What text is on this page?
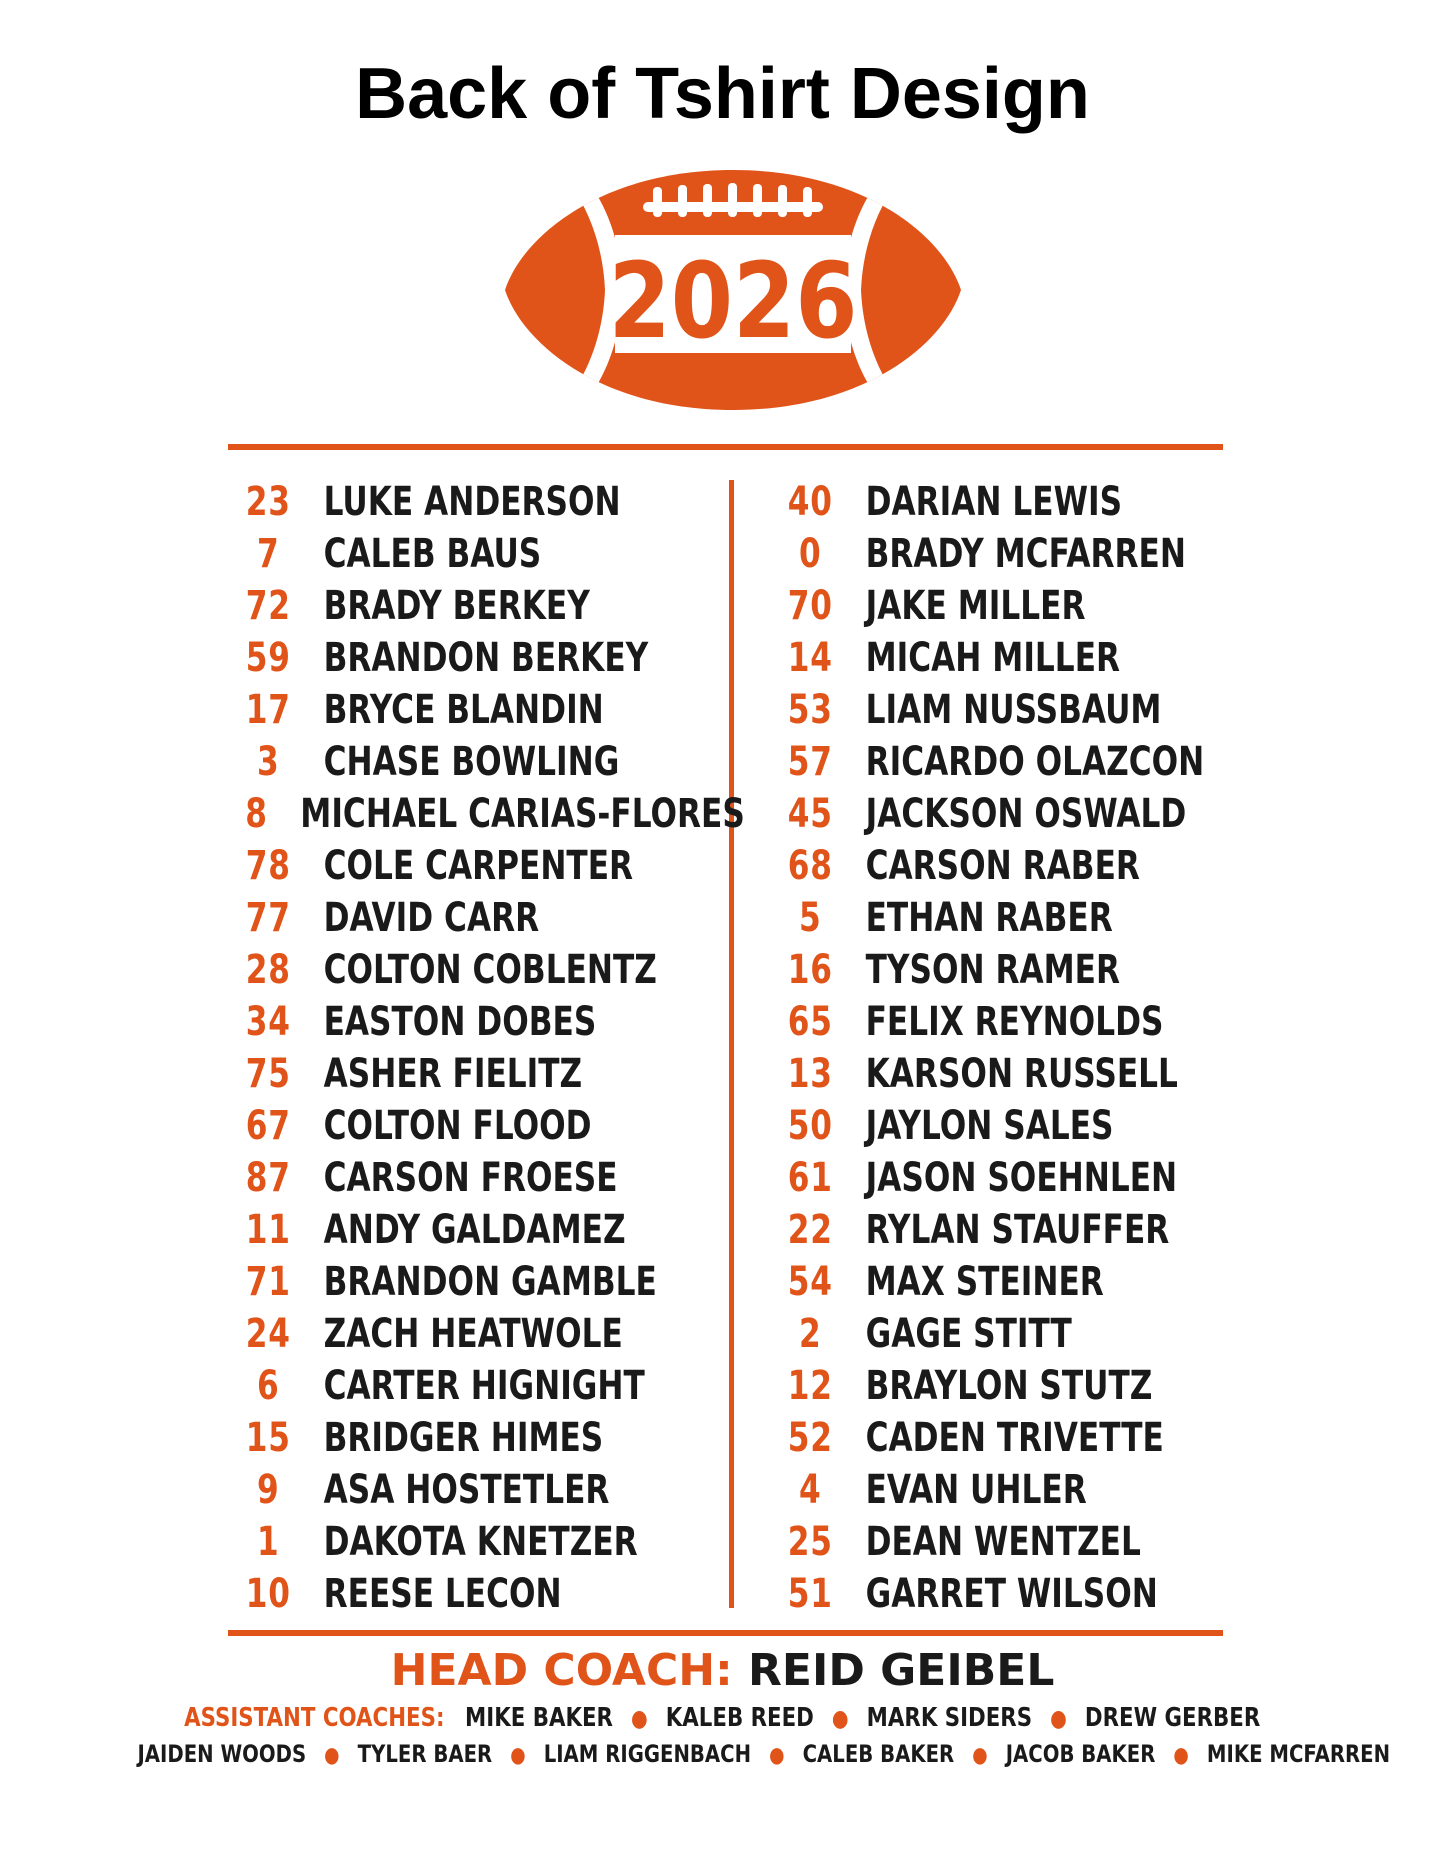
Back of Tshirt Design
2026
23 LUKE ANDERSON
7	CALEB BAUS
72 BRADY BERKEY
59 BRANDON BERKEY
17 BRYCE BLANDIN
3	CHASE BOWLING
8 MICHAEL CARIAS-FLORES
78 COLE CARPENTER
77 DAVID CARR
28 COLTON COBLENTZ
34 EASTON DOBES
75 ASHER FIELITZ
67 COLTON FLOOD
87 CARSON FROESE
11 ANDY GALDAMEZ
71 BRANDON GAMBLE
24 ZACH HEATWOLE
6	CARTER HIGNIGHT
15 BRIDGER HIMES
9	ASA HOSTETLER
1	DAKOTA KNETZER
10 REESE LECON
40 DARIAN LEWIS
0	BRADY MCFARREN
70 JAKE MILLER
14 MICAH MILLER
53 LIAM NUSSBAUM
57 RICARDO OLAZCON
45 JACKSON OSWALD
68 CARSON RABER
5	ETHAN RABER
16 TYSON RAMER
65 FELIX REYNOLDS
13 KARSON RUSSELL
50 JAYLON SALES
61 JASON SOEHNLEN
22 RYLAN STAUFFER
54 MAX STEINER
2	GAGE STITT
12 BRAYLON STUTZ
52 CADEN TRIVETTE
4	EVAN UHLER
25 DEAN WENTZEL
51 GARRET WILSON
HEAD COACH: REID GEIBEL
ASSISTANT COACHES: MIKE BAKER ● KALEB REED ● MARK SIDERS ● DREW GERBER
JAIDEN WOODS ● TYLER BAER ● LIAM RIGGENBACH ● CALEB BAKER ● JACOB BAKER ● MIKE MCFARREN
